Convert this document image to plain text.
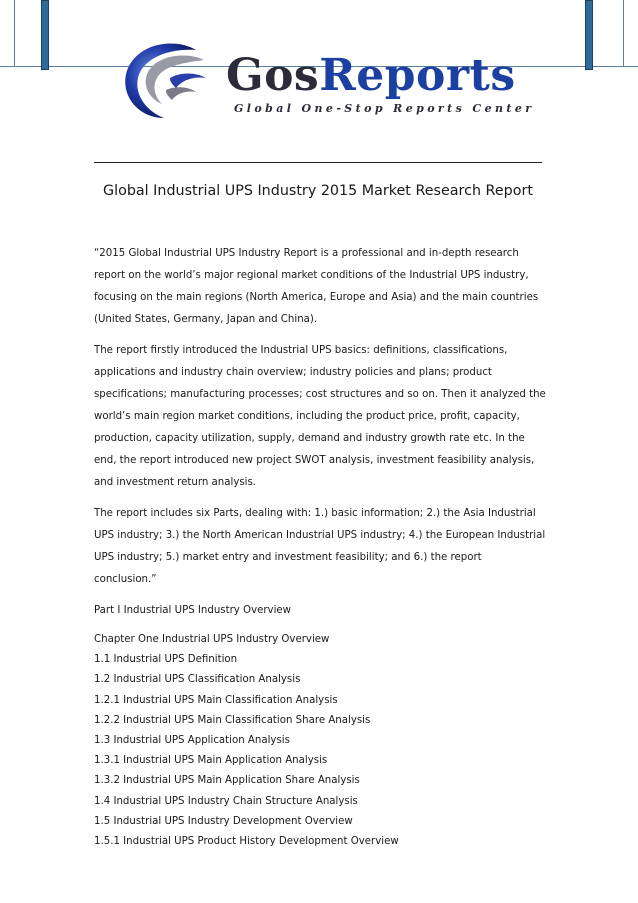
GosReports
Global One-Stop Reports Center
Global Industrial UPS Industry 2015 Market Research Report

“2015 Global Industrial UPS Industry Report is a professional and in-depth research report on the world’s major regional market conditions of the Industrial UPS industry, focusing on the main regions (North America, Europe and Asia) and the main countries (United States, Germany, Japan and China).

The report firstly introduced the Industrial UPS basics: definitions, classifications, applications and industry chain overview; industry policies and plans; product specifications; manufacturing processes; cost structures and so on. Then it analyzed the world’s main region market conditions, including the product price, profit, capacity, production, capacity utilization, supply, demand and industry growth rate etc. In the end, the report introduced new project SWOT analysis, investment feasibility analysis, and investment return analysis.

The report includes six Parts, dealing with: 1.) basic information; 2.) the Asia Industrial UPS industry; 3.) the North American Industrial UPS industry; 4.) the European Industrial UPS industry; 5.) market entry and investment feasibility; and 6.) the report conclusion.”

Part I Industrial UPS Industry Overview

Chapter One Industrial UPS Industry Overview
1.1 Industrial UPS Definition
1.2 Industrial UPS Classification Analysis
1.2.1 Industrial UPS Main Classification Analysis
1.2.2 Industrial UPS Main Classification Share Analysis
1.3 Industrial UPS Application Analysis
1.3.1 Industrial UPS Main Application Analysis
1.3.2 Industrial UPS Main Application Share Analysis
1.4 Industrial UPS Industry Chain Structure Analysis
1.5 Industrial UPS Industry Development Overview
1.5.1 Industrial UPS Product History Development Overview
